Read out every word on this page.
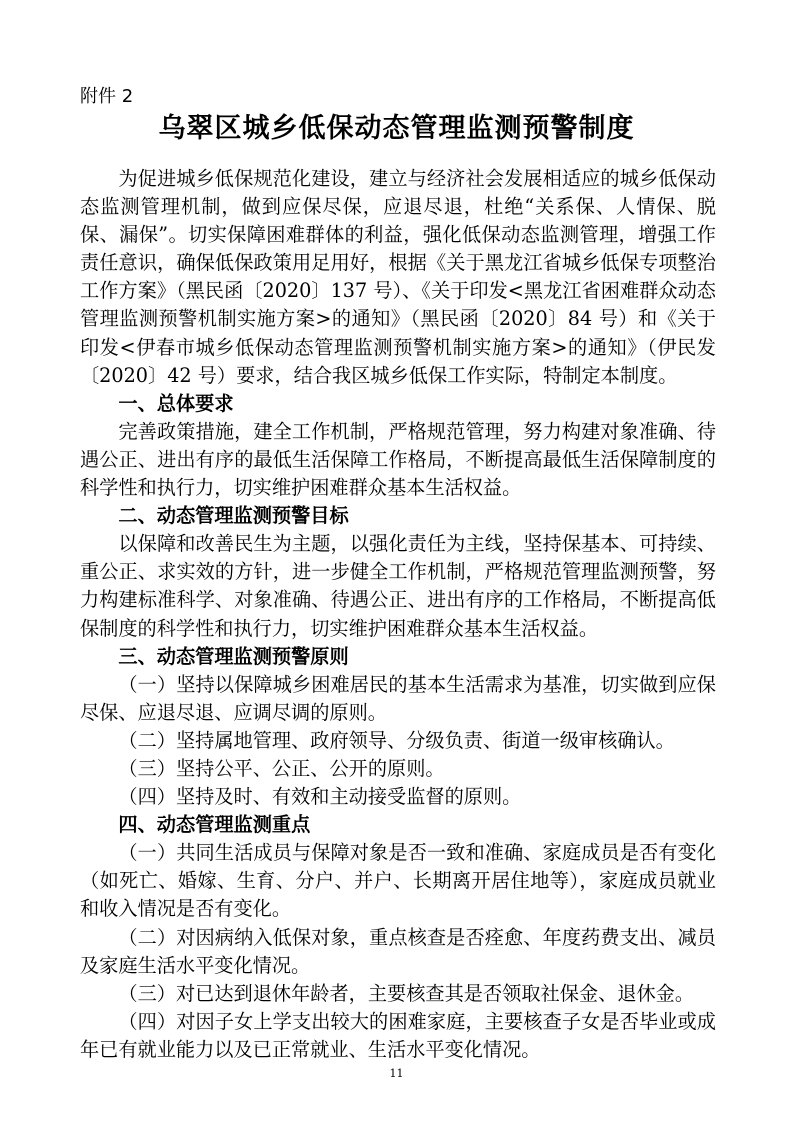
附件 2
乌翠区城乡低保动态管理监测预警制度

为促进城乡低保规范化建设，建立与经济社会发展相适应的城乡低保动态监测管理机制，做到应保尽保，应退尽退，杜绝“关系保、人情保、脱保、漏保”。切实保障困难群体的利益，强化低保动态监测管理，增强工作责任意识，确保低保政策用足用好，根据《关于黑龙江省城乡低保专项整治工作方案》（黑民函〔2020〕137 号）、《关于印发<黑龙江省困难群众动态管理监测预警机制实施方案>的通知》（黑民函〔2020〕84 号）和《关于印发<伊春市城乡低保动态管理监测预警机制实施方案>的通知》（伊民发〔2020〕42 号）要求，结合我区城乡低保工作实际，特制定本制度。

一、总体要求

完善政策措施，建全工作机制，严格规范管理，努力构建对象准确、待遇公正、进出有序的最低生活保障工作格局，不断提高最低生活保障制度的科学性和执行力，切实维护困难群众基本生活权益。

二、动态管理监测预警目标

以保障和改善民生为主题，以强化责任为主线，坚持保基本、可持续、重公正、求实效的方针，进一步健全工作机制，严格规范管理监测预警，努力构建标准科学、对象准确、待遇公正、进出有序的工作格局，不断提高低保制度的科学性和执行力，切实维护困难群众基本生活权益。

三、动态管理监测预警原则

（一）坚持以保障城乡困难居民的基本生活需求为基准，切实做到应保尽保、应退尽退、应调尽调的原则。

（二）坚持属地管理、政府领导、分级负责、街道一级审核确认。

（三）坚持公平、公正、公开的原则。

（四）坚持及时、有效和主动接受监督的原则。

四、动态管理监测重点

（一）共同生活成员与保障对象是否一致和准确、家庭成员是否有变化（如死亡、婚嫁、生育、分户、并户、长期离开居住地等），家庭成员就业和收入情况是否有变化。

（二）对因病纳入低保对象，重点核查是否痊愈、年度药费支出、减员及家庭生活水平变化情况。

（三）对已达到退休年龄者，主要核查其是否领取社保金、退休金。

（四）对因子女上学支出较大的困难家庭，主要核查子女是否毕业或成年已有就业能力以及已正常就业、生活水平变化情况。

11
